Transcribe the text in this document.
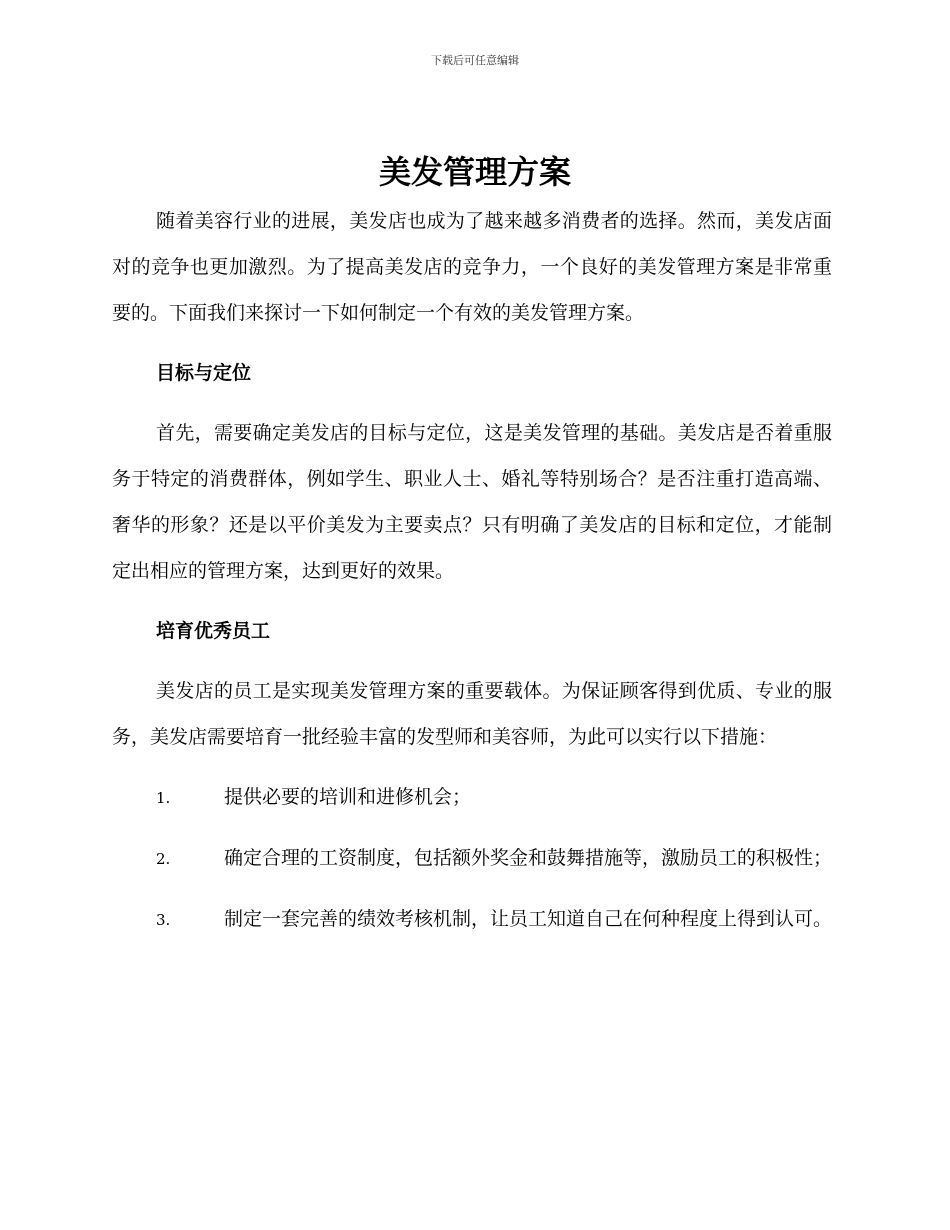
下载后可任意编辑
美发管理方案

随着美容行业的进展，美发店也成为了越来越多消费者的选择。然而，美发店面对的竞争也更加激烈。为了提高美发店的竞争力，一个良好的美发管理方案是非常重要的。下面我们来探讨一下如何制定一个有效的美发管理方案。

目标与定位

首先，需要确定美发店的目标与定位，这是美发管理的基础。美发店是否着重服务于特定的消费群体，例如学生、职业人士、婚礼等特别场合？是否注重打造高端、奢华的形象？还是以平价美发为主要卖点？只有明确了美发店的目标和定位，才能制定出相应的管理方案，达到更好的效果。

培育优秀员工

美发店的员工是实现美发管理方案的重要载体。为保证顾客得到优质、专业的服务，美发店需要培育一批经验丰富的发型师和美容师，为此可以实行以下措施：

1.	提供必要的培训和进修机会；

2.	确定合理的工资制度，包括额外奖金和鼓舞措施等，激励员工的积极性；

3.	制定一套完善的绩效考核机制，让员工知道自己在何种程度上得到认可。
